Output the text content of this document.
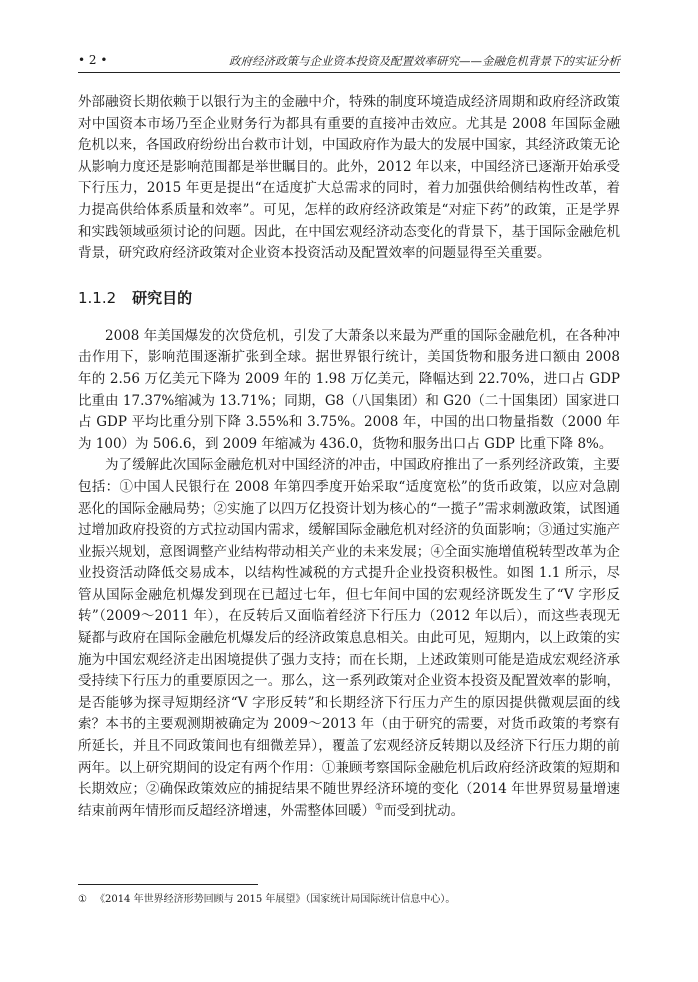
• 2 •	政府经济政策与企业资本投资及配置效率研究——金融危机背景下的实证分析

外部融资长期依赖于以银行为主的金融中介，特殊的制度环境造成经济周期和政府经济政策对中国资本市场乃至企业财务行为都具有重要的直接冲击效应。尤其是 2008 年国际金融危机以来，各国政府纷纷出台救市计划，中国政府作为最大的发展中国家，其经济政策无论从影响力度还是影响范围都是举世瞩目的。此外，2012 年以来，中国经济已逐渐开始承受下行压力，2015 年更是提出“在适度扩大总需求的同时，着力加强供给侧结构性改革，着力提高供给体系质量和效率”。可见，怎样的政府经济政策是“对症下药”的政策，正是学界和实践领域亟须讨论的问题。因此，在中国宏观经济动态变化的背景下，基于国际金融危机背景，研究政府经济政策对企业资本投资活动及配置效率的问题显得至关重要。

1.1.2 研究目的

2008 年美国爆发的次贷危机，引发了大萧条以来最为严重的国际金融危机，在各种冲击作用下，影响范围逐渐扩张到全球。据世界银行统计，美国货物和服务进口额由 2008 年的 2.56 万亿美元下降为 2009 年的 1.98 万亿美元，降幅达到 22.70%，进口占 GDP 比重由 17.37%缩减为 13.71%；同期，G8（八国集团）和 G20（二十国集团）国家进口占 GDP 平均比重分别下降 3.55%和 3.75%。2008 年，中国的出口物量指数（2000 年为 100）为 506.6，到 2009 年缩减为 436.0，货物和服务出口占 GDP 比重下降 8%。

为了缓解此次国际金融危机对中国经济的冲击，中国政府推出了一系列经济政策，主要包括：①中国人民银行在 2008 年第四季度开始采取“适度宽松”的货币政策，以应对急剧恶化的国际金融局势；②实施了以四万亿投资计划为核心的“一揽子”需求刺激政策，试图通过增加政府投资的方式拉动国内需求，缓解国际金融危机对经济的负面影响；③通过实施产业振兴规划，意图调整产业结构带动相关产业的未来发展；④全面实施增值税转型改革为企业投资活动降低交易成本，以结构性减税的方式提升企业投资积极性。如图 1.1 所示，尽管从国际金融危机爆发到现在已超过七年，但七年间中国的宏观经济既发生了“V 字形反转”（2009～2011 年），在反转后又面临着经济下行压力（2012 年以后），而这些表现无疑都与政府在国际金融危机爆发后的经济政策息息相关。由此可见，短期内，以上政策的实施为中国宏观经济走出困境提供了强力支持；而在长期，上述政策则可能是造成宏观经济承受持续下行压力的重要原因之一。那么，这一系列政策对企业资本投资及配置效率的影响，是否能够为探寻短期经济“V 字形反转”和长期经济下行压力产生的原因提供微观层面的线索？本书的主要观测期被确定为 2009～2013 年（由于研究的需要，对货币政策的考察有所延长，并且不同政策间也有细微差异），覆盖了宏观经济反转期以及经济下行压力期的前两年。以上研究期间的设定有两个作用：①兼顾考察国际金融危机后政府经济政策的短期和长期效应；②确保政策效应的捕捉结果不随世界经济环境的变化（2014 年世界贸易量增速结束前两年情形而反超经济增速，外需整体回暖）①而受到扰动。

① 《2014 年世界经济形势回顾与 2015 年展望》（国家统计局国际统计信息中心）。
